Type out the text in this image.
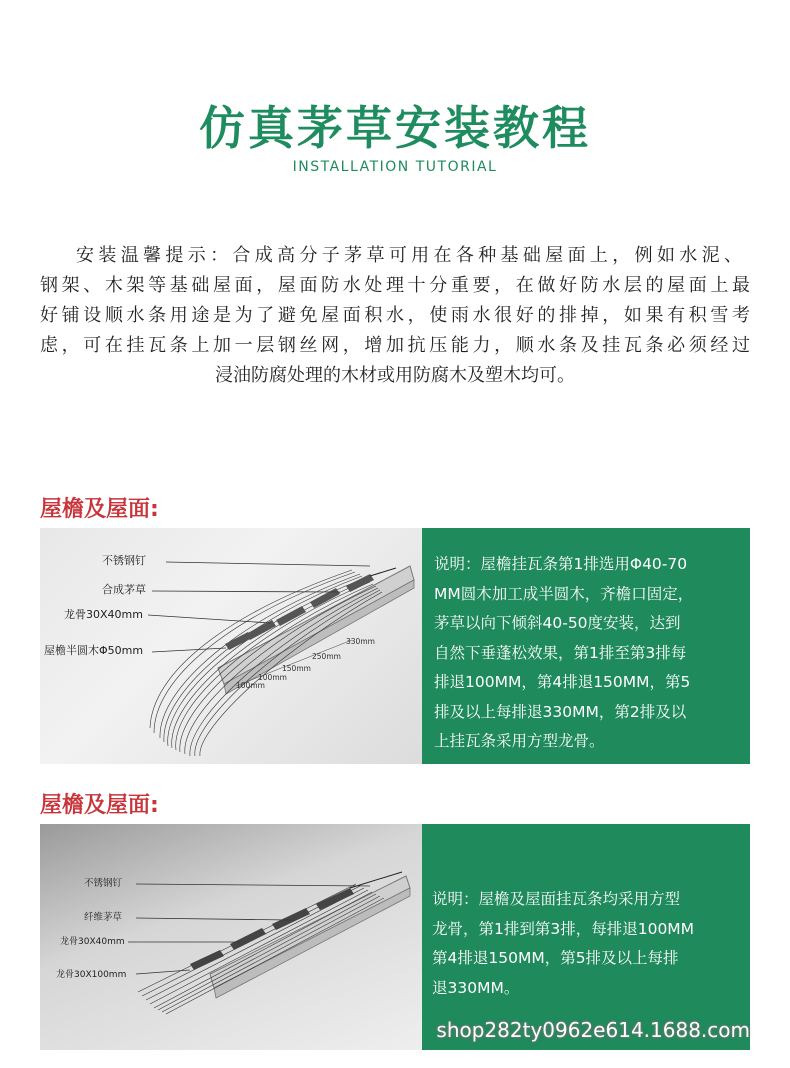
仿真茅草安装教程
INSTALLATION TUTORIAL
安装温馨提示：合成高分子茅草可用在各种基础屋面上，例如水泥、
钢架、木架等基础屋面，屋面防水处理十分重要，在做好防水层的屋面上最
好铺设顺水条用途是为了避免屋面积水，使雨水很好的排掉，如果有积雪考
虑，可在挂瓦条上加一层钢丝网，增加抗压能力，顺水条及挂瓦条必须经过
浸油防腐处理的木材或用防腐木及塑木均可。
屋檐及屋面:
不锈钢钉
合成茅草
龙骨30X40mm
屋檐半圆木Φ50mm
100mm
100mm
150mm
250mm
330mm

说明：屋檐挂瓦条第1排选用Φ40-70

MM圆木加工成半圆木，齐檐口固定，

茅草以向下倾斜40-50度安装，达到

自然下垂蓬松效果，第1排至第3排每

排退100MM，第4排退150MM，第5

排及以上每排退330MM，第2排及以

上挂瓦条采用方型龙骨。

屋檐及屋面:
不锈钢钉
纤维茅草
龙骨30X40mm
龙骨30X100mm

说明：屋檐及屋面挂瓦条均采用方型

龙骨，第1排到第3排，每排退100MM

第4排退150MM，第5排及以上每排

退330MM。

shop282ty0962e614.1688.com
